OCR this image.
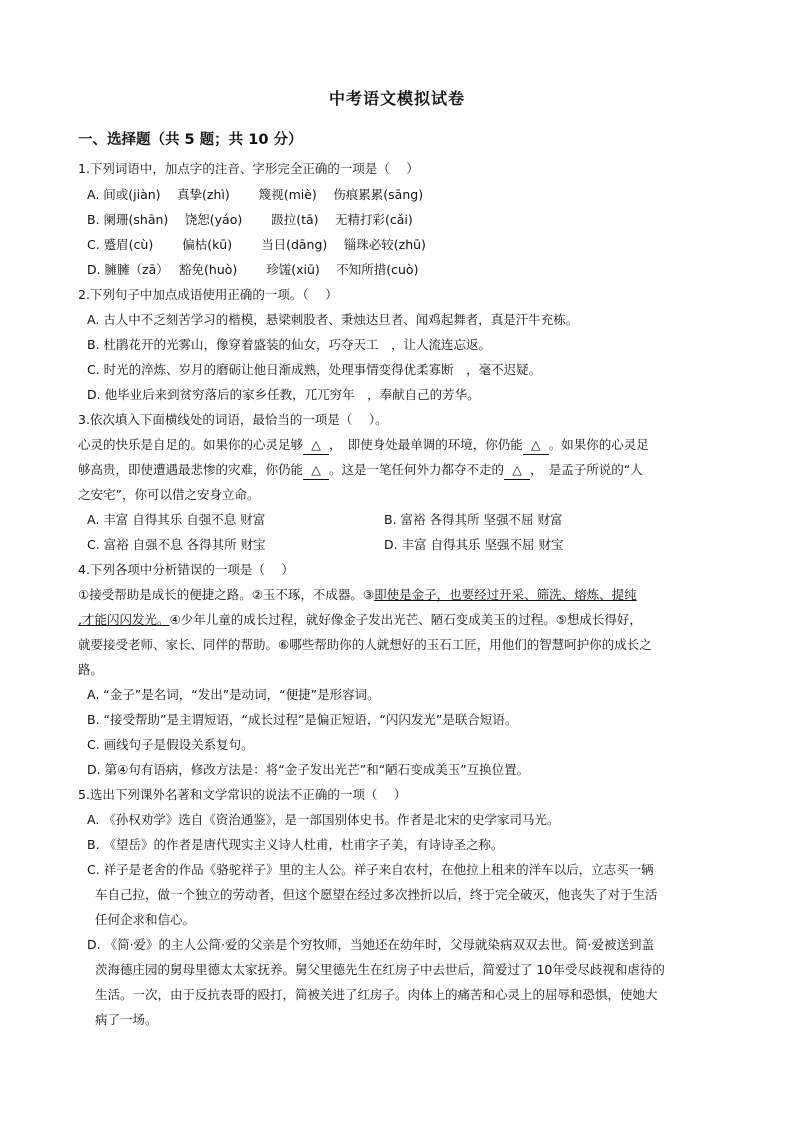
中考语文模拟试卷
一、选择题（共 5 题；共 10 分）
1.下列词语中，加点字的注音、字形完全正确的一项是（　 ）
A. 间或(jiàn)　 真挚(zhì)　　 篾视(miè)　 伤痕累累(sāng)
B. 阑珊(shān)　 饶恕(yáo)　　 趿拉(tā)　 无精打彩(cǎi)
C. 蹙眉(cù)　　 偏枯(kū)　　 当日(dāng)　 锱珠必较(zhū)
D. 臃臃（zā）　 豁免(huò)　　 珍馐(xiū)　 不知所措(cuò)
2.下列句子中加点成语使用正确的一项。（　 ）
A. 古人中不乏刻苦学习的楷模，悬梁刺股者、秉烛达旦者、闻鸡起舞者，真是汗牛充栋。
B. 杜鹃花开的光雾山，像穿着盛装的仙女，巧夺天工　，让人流连忘返。
C. 时光的淬炼、岁月的磨砺让他日渐成熟，处理事情变得优柔寡断　，毫不迟疑。
D. 他毕业后来到贫穷落后的家乡任教，兀兀穷年　，奉献自己的芳华。
3.依次填入下面横线处的词语，最恰当的一项是（　 ）。
心灵的快乐是自足的。如果你的心灵足够 △ ，　即使身处最单调的环境，你仍能 △ 。如果你的心灵足
够高贵，即使遭遇最悲惨的灾难，你仍能 △ 。这是一笔任何外力都夺不走的 △ ，　是孟子所说的“人
之安宅”，你可以借之安身立命。
A. 丰富 自得其乐 自强不息 财富	B. 富裕 各得其所 坚强不屈 财富
C. 富裕 自强不息 各得其所 财宝	D. 丰富 自得其乐 坚强不屈 财宝
4.下列各项中分析错误的一项是（　 ）
①接受帮助是成长的便捷之路。②玉不琢，不成器。③即使是金子，也要经过开采、筛洗、熔炼、提纯
,才能闪闪发光。④少年儿童的成长过程，就好像金子发出光芒、陋石变成美玉的过程。⑤想成长得好，
就要接受老师、家长、同伴的帮助。⑥哪些帮助你的人就想好的玉石工匠，用他们的智慧呵护你的成长之
路。
A. “金子”是名词，“发出”是动词，“便捷”是形容词。
B. “接受帮助”是主谓短语，“成长过程”是偏正短语，“闪闪发光”是联合短语。
C. 画线句子是假设关系复句。
D. 第④句有语病，修改方法是：将“金子发出光芒”和“陋石变成美玉”互换位置。
5.选出下列课外名著和文学常识的说法不正确的一项（　 ）
A. 《孙权劝学》选自《资治通鉴》，是一部国别体史书。作者是北宋的史学家司马光。
B. 《望岳》的作者是唐代现实主义诗人杜甫，杜甫字子美，有诗诗圣之称。
C. 祥子是老舍的作品《骆驼祥子》里的主人公。祥子来自农村，在他拉上租来的洋车以后，立志买一辆
车自己拉，做一个独立的劳动者，但这个愿望在经过多次挫折以后，终于完全破灭，他丧失了对于生活
任何企求和信心。
D. 《简·爱》的主人公简·爱的父亲是个穷牧师，当她还在幼年时，父母就染病双双去世。简·爱被送到盖
茨海德庄园的舅母里德太太家抚养。舅父里德先生在红房子中去世后，简爱过了 10年受尽歧视和虐待的
生活。一次，由于反抗表哥的殴打，简被关进了红房子。肉体上的痛苦和心灵上的屈辱和恐惧，使她大
病了一场。
